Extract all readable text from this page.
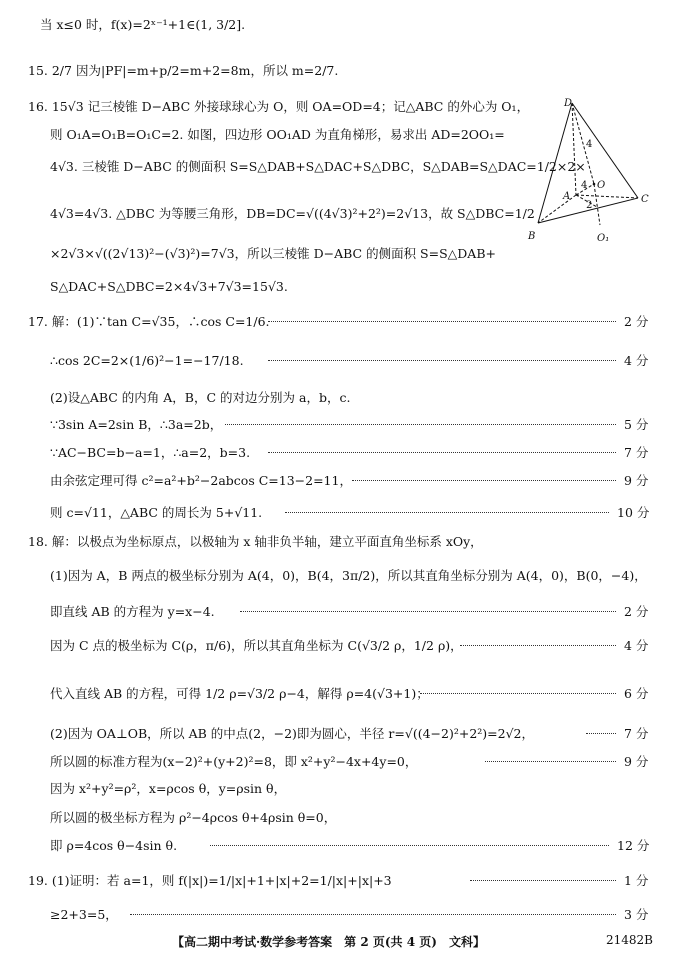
当 x≤0 时，f(x)=2ˣ⁻¹+1∈(1, 3/2].
15. 2/7 因为|PF|=m+p/2=m+2=8m，所以 m=2/7.
16. 15√3 记三棱锥 D−ABC 外接球球心为 O，则 OA=OD=4；记△ABC 的外心为 O₁，
则 O₁A=O₁B=O₁C=2. 如图，四边形 OO₁AD 为直角梯形，易求出 AD=2OO₁=
4√3. 三棱锥 D−ABC 的侧面积 S=S△DAB+S△DAC+S△DBC，S△DAB=S△DAC=1/2×2×
4√3=4√3. △DBC 为等腰三角形，DB=DC=√((4√3)²+2²)=2√13，故 S△DBC=1/2
×2√3×√((2√13)²−(√3)²)=7√3，所以三棱锥 D−ABC 的侧面积 S=S△DAB+
S△DAC+S△DBC=2×4√3+7√3=15√3.
17. 解：(1)∵tan C=√35，∴cos C=1/6.	2 分
∴cos 2C=2×(1/6)²−1=−17/18.	4 分
(2)设△ABC 的内角 A，B，C 的对边分别为 a，b，c.
∵3sin A=2sin B，∴3a=2b，	5 分
∵AC−BC=b−a=1，∴a=2，b=3.	7 分
由余弦定理可得 c²=a²+b²−2abcos C=13−2=11，	9 分
则 c=√11，△ABC 的周长为 5+√11.	10 分
18. 解：以极点为坐标原点，以极轴为 x 轴非负半轴，建立平面直角坐标系 xOy，
(1)因为 A，B 两点的极坐标分别为 A(4，0)，B(4，3π/2)，所以其直角坐标分别为 A(4，0)，B(0，−4)，
即直线 AB 的方程为 y=x−4.	2 分
因为 C 点的极坐标为 C(ρ，π/6)，所以其直角坐标为 C(√3/2 ρ，1/2 ρ)，	4 分
代入直线 AB 的方程，可得 1/2 ρ=√3/2 ρ−4，解得 ρ=4(√3+1)；	6 分
(2)因为 OA⊥OB，所以 AB 的中点(2，−2)即为圆心，半径 r=√((4−2)²+2²)=2√2，	7 分
所以圆的标准方程为(x−2)²+(y+2)²=8，即 x²+y²−4x+4y=0，	9 分
因为 x²+y²=ρ²，x=ρcos θ，y=ρsin θ，
所以圆的极坐标方程为 ρ²−4ρcos θ+4ρsin θ=0，
即 ρ=4cos θ−4sin θ.	12 分
19. (1)证明：若 a=1，则 f(|x|)=1/|x|+1+|x|+2=1/|x|+|x|+3	1 分
≥2+3=5，	3 分
D
A
O
C
B	O₁
4
4
2
【高二期中考试·数学参考答案　第 2 页(共 4 页)　文科】	21482B
